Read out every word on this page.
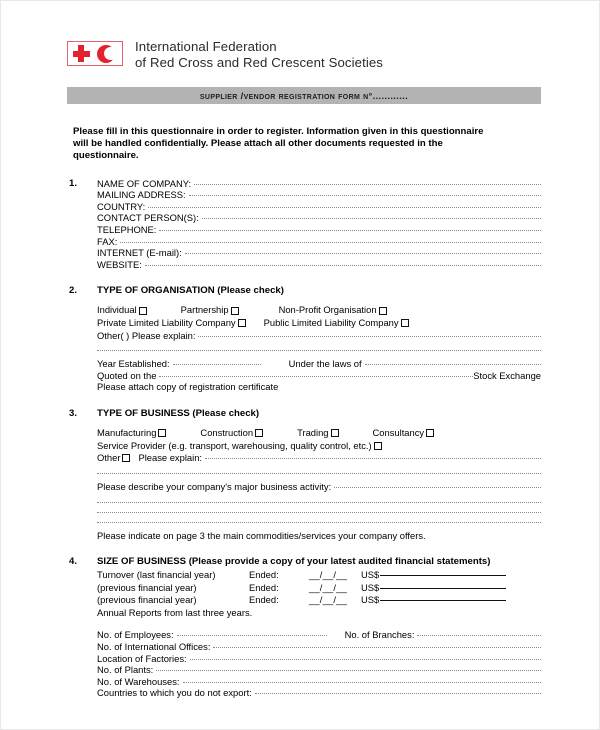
International Federation
of Red Cross and Red Crescent Societies
supplier /vendor registration form n°............
Please fill in this questionnaire in order to register. Information given in this questionnaire will be handled confidentially. Please attach all other documents requested in the questionnaire.
1.	NAME OF COMPANY:
MAILING ADDRESS:
COUNTRY:
CONTACT PERSON(S):
TELEPHONE:
FAX:
INTERNET (E-mail):
WEBSITE:
2.	TYPE OF ORGANISATION (Please check)
Individual	Partnership	Non-Profit Organisation
Private Limited Liability Company	Public Limited Liability Company
Other( ) Please explain:
Year Established:	Under the laws of
Quoted on the	Stock Exchange
Please attach copy of registration certificate
3.	TYPE OF BUSINESS (Please check)
Manufacturing	Construction	Trading	Consultancy
Service Provider (e.g. transport, warehousing, quality control, etc.)
Other Please explain:
Please describe your company's major business activity:
Please indicate on page 3 the main commodities/services your company offers.
4.	SIZE OF BUSINESS (Please provide a copy of your latest audited financial statements)
Turnover (last financial year)	Ended:	__/__/__	US$
(previous financial year)	Ended:	__/__/__	US$
(previous financial year)	Ended:	__/__/__	US$
Annual Reports from last three years.
No. of Employees:	No. of Branches:
No. of International Offices:
Location of Factories:
No. of Plants:
No. of Warehouses:
Countries to which you do not export:
